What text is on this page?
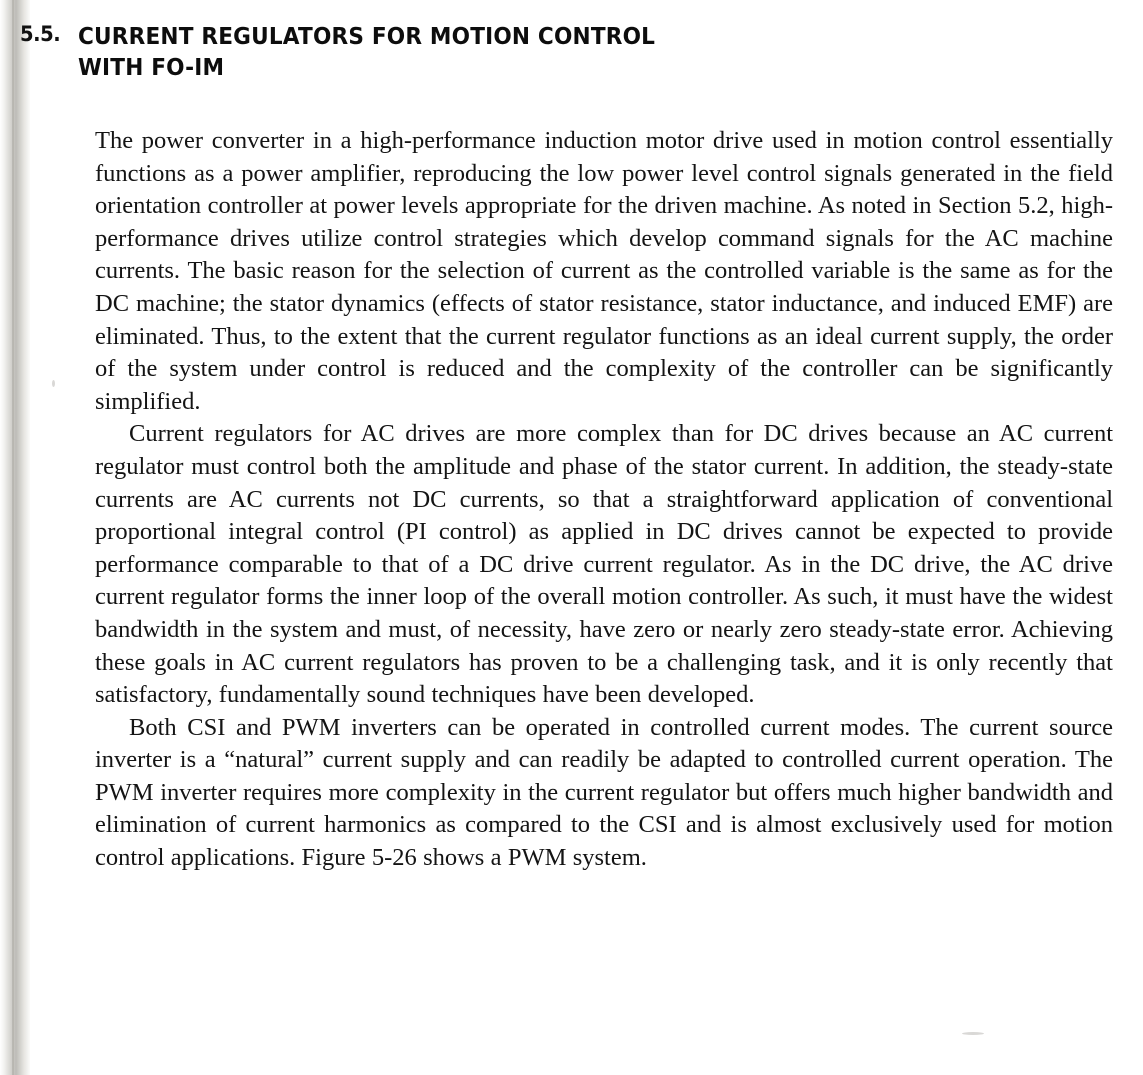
5.5. CURRENT REGULATORS FOR MOTION CONTROL
WITH FO-IM

The power converter in a high-performance induction motor drive used in motion control essentially functions as a power amplifier, reproducing the low power level control signals generated in the field orientation controller at power levels appropriate for the driven machine. As noted in Section 5.2, high-performance drives utilize control strategies which develop command signals for the AC machine currents. The basic reason for the selection of current as the controlled variable is the same as for the DC machine; the stator dynamics (effects of stator resistance, stator inductance, and induced EMF) are eliminated. Thus, to the extent that the current regulator functions as an ideal current supply, the order of the system under control is reduced and the complexity of the controller can be significantly simplified.

Current regulators for AC drives are more complex than for DC drives because an AC current regulator must control both the amplitude and phase of the stator current. In addition, the steady-state currents are AC currents not DC currents, so that a straightforward application of conventional proportional integral control (PI control) as applied in DC drives cannot be expected to provide performance comparable to that of a DC drive current regulator. As in the DC drive, the AC drive current regulator forms the inner loop of the overall motion controller. As such, it must have the widest bandwidth in the system and must, of necessity, have zero or nearly zero steady-state error. Achieving these goals in AC current regulators has proven to be a challenging task, and it is only recently that satisfactory, fundamentally sound techniques have been developed.

Both CSI and PWM inverters can be operated in controlled current modes. The current source inverter is a “natural” current supply and can readily be adapted to controlled current operation. The PWM inverter requires more complexity in the current regulator but offers much higher bandwidth and elimination of current harmonics as compared to the CSI and is almost exclusively used for motion control applications. Figure 5-26 shows a PWM system.
